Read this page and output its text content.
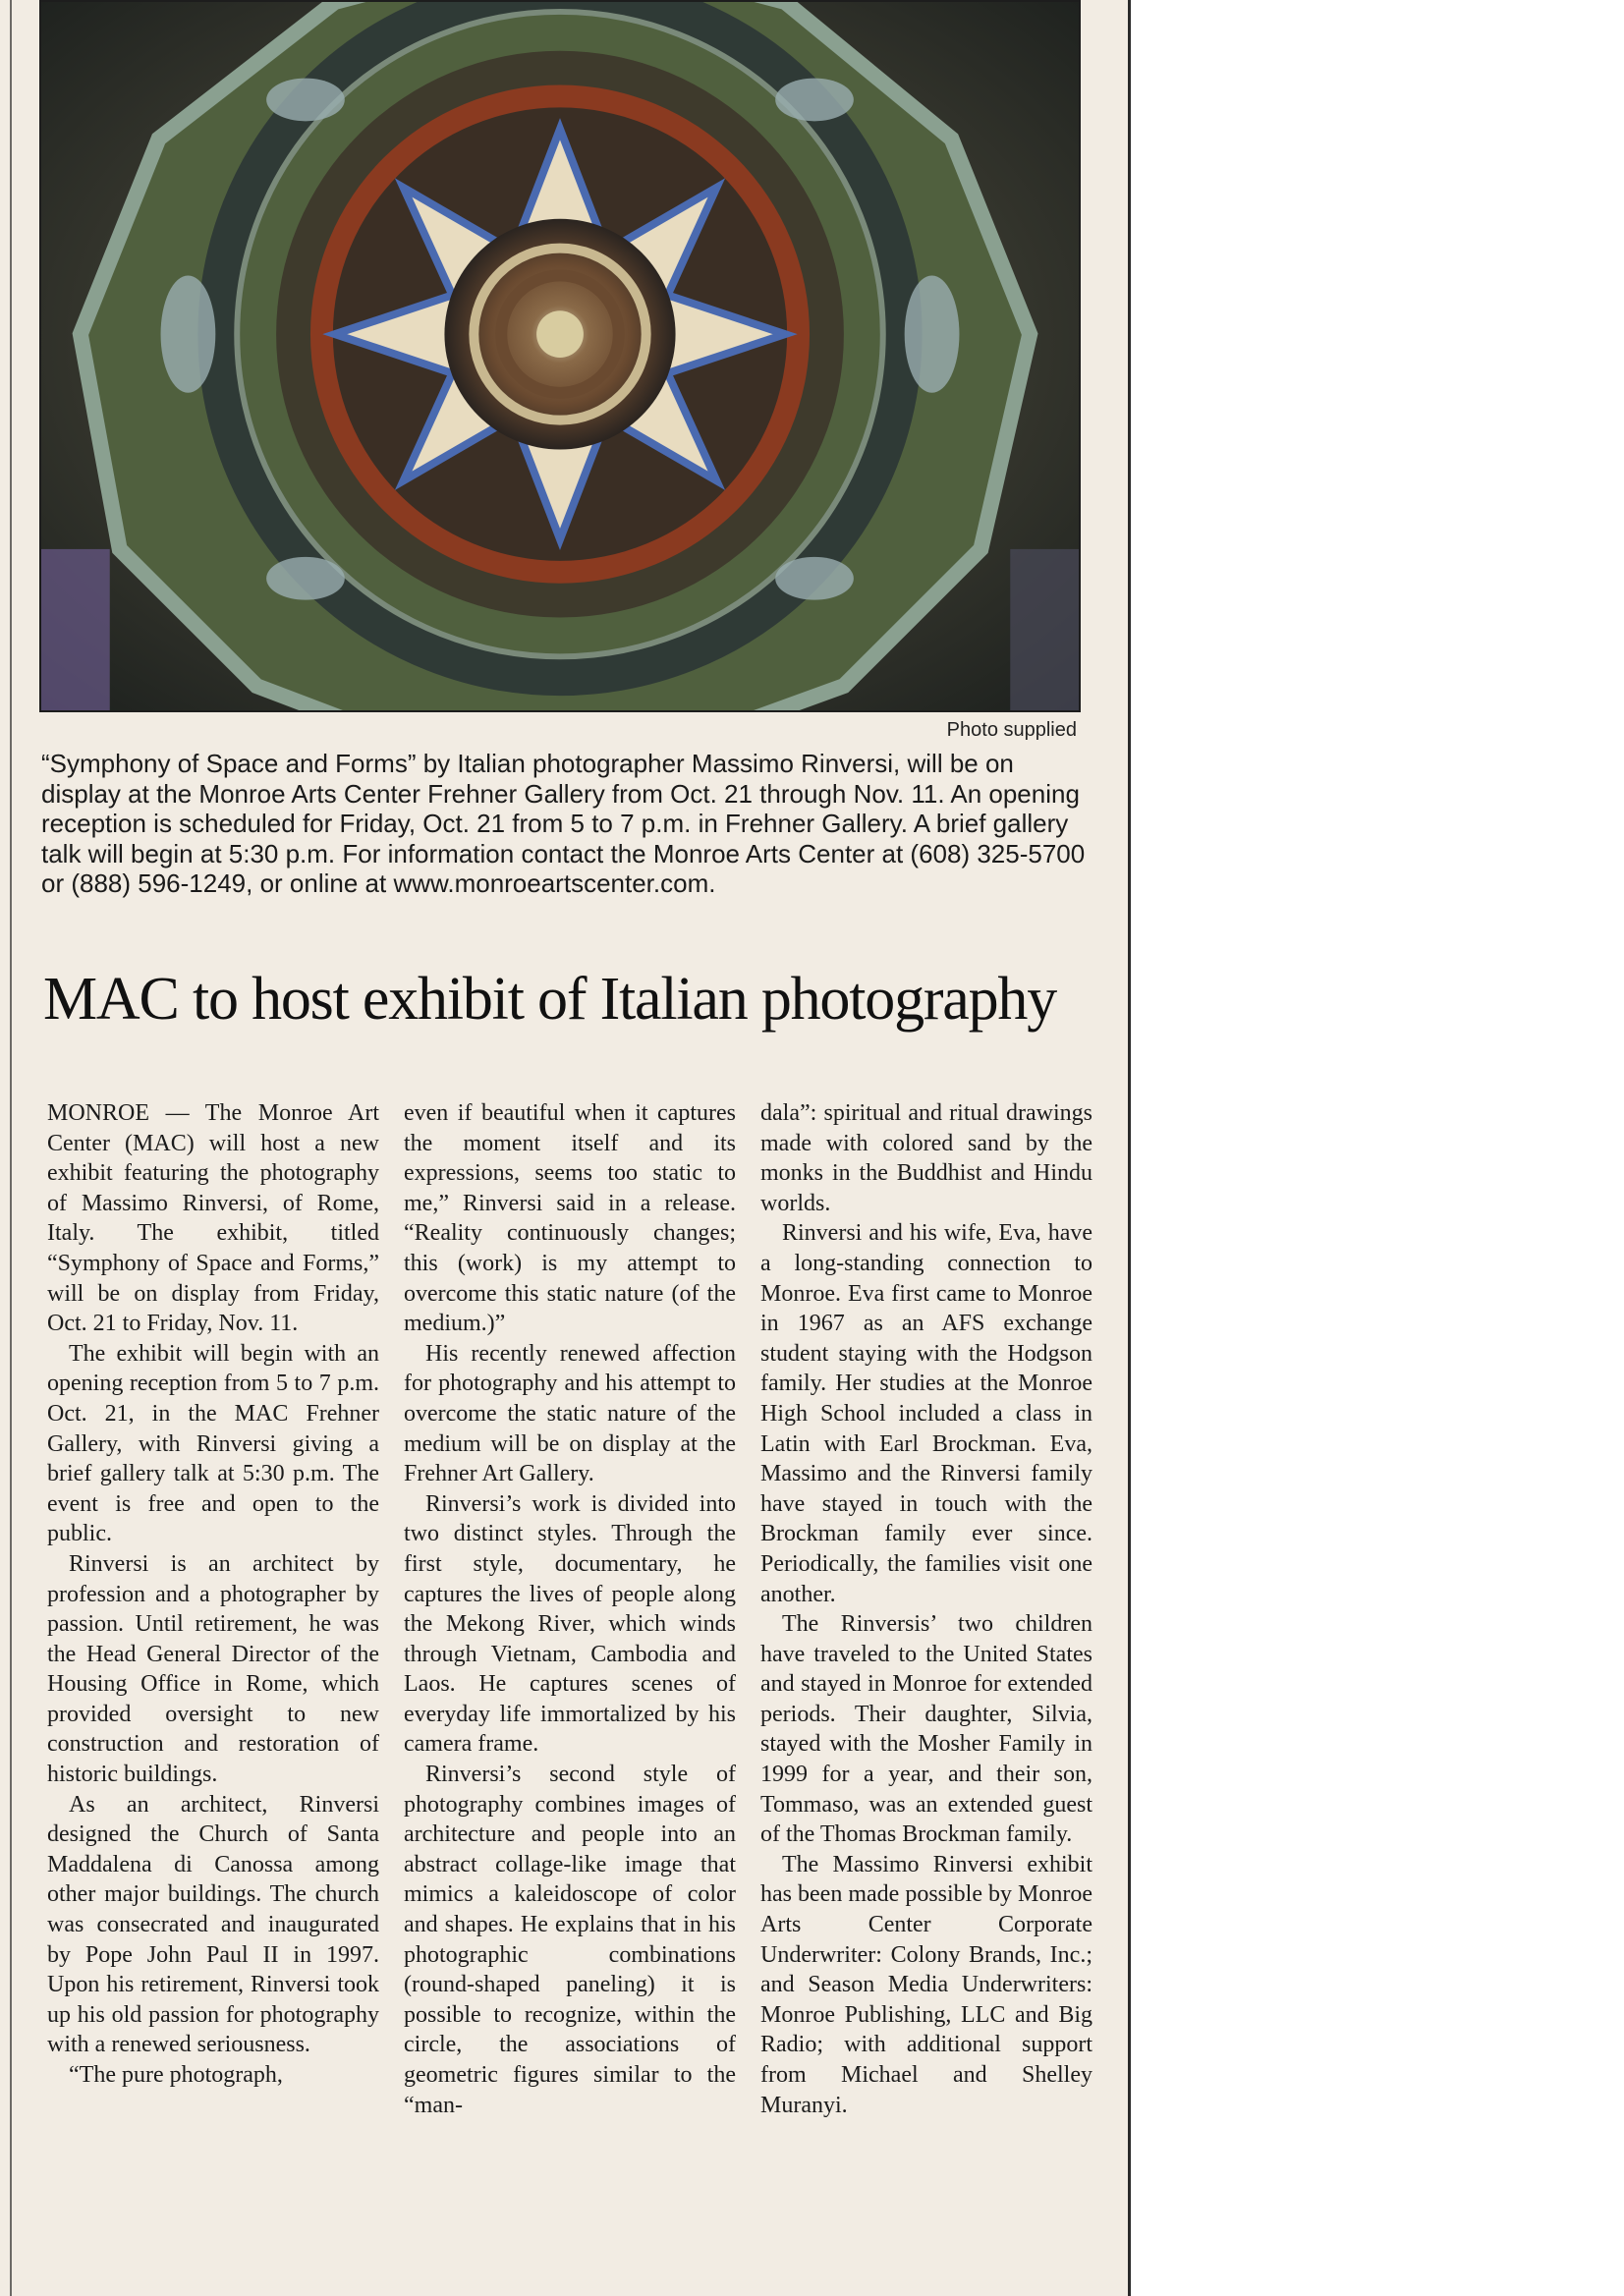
Photo supplied

“Symphony of Space and Forms” by Italian photographer Massimo Rinversi, will be on display at the Monroe Arts Center Frehner Gallery from Oct. 21 through Nov. 11. An opening reception is scheduled for Friday, Oct. 21 from 5 to 7 p.m. in Frehner Gallery. A brief gallery talk will begin at 5:30 p.m. For information contact the Monroe Arts Center at (608) 325-5700 or (888) 596-1249, or online at www.monroeartscenter.com.

MAC to host exhibit of Italian photography

MONROE — The Monroe Art Center (MAC) will host a new exhibit featuring the photography of Massimo Rinversi, of Rome, Italy. The exhibit, titled “Symphony of Space and Forms,” will be on display from Friday, Oct. 21 to Friday, Nov. 11.

The exhibit will begin with an opening reception from 5 to 7 p.m. Oct. 21, in the MAC Frehner Gallery, with Rinversi giving a brief gallery talk at 5:30 p.m. The event is free and open to the public.

Rinversi is an architect by profession and a photographer by passion. Until retirement, he was the Head General Director of the Housing Office in Rome, which provided oversight to new construction and restoration of historic buildings.

As an architect, Rinversi designed the Church of Santa Maddalena di Canossa among other major buildings. The church was consecrated and inaugurated by Pope John Paul II in 1997. Upon his retirement, Rinversi took up his old passion for photography with a renewed seriousness.

“The pure photograph,

even if beautiful when it captures the moment itself and its expressions, seems too static to me,” Rinversi said in a release. “Reality continuously changes; this (work) is my attempt to overcome this static nature (of the medium.)”

His recently renewed affection for photography and his attempt to overcome the static nature of the medium will be on display at the Frehner Art Gallery.

Rinversi’s work is divided into two distinct styles. Through the first style, documentary, he captures the lives of people along the Mekong River, which winds through Vietnam, Cambodia and Laos. He captures scenes of everyday life immortalized by his camera frame.

Rinversi’s second style of photography combines images of architecture and people into an abstract collage-like image that mimics a kaleidoscope of color and shapes. He explains that in his photographic combinations (round-shaped paneling) it is possible to recognize, within the circle, the associations of geometric figures similar to the “man-

dala”: spiritual and ritual drawings made with colored sand by the monks in the Buddhist and Hindu worlds.

Rinversi and his wife, Eva, have a long-standing connection to Monroe. Eva first came to Monroe in 1967 as an AFS exchange student staying with the Hodgson family. Her studies at the Monroe High School included a class in Latin with Earl Brockman. Eva, Massimo and the Rinversi family have stayed in touch with the Brockman family ever since. Periodically, the families visit one another.

The Rinversis’ two children have traveled to the United States and stayed in Monroe for extended periods. Their daughter, Silvia, stayed with the Mosher Family in 1999 for a year, and their son, Tommaso, was an extended guest of the Thomas Brockman family.

The Massimo Rinversi exhibit has been made possible by Monroe Arts Center Corporate Underwriter: Colony Brands, Inc.; and Season Media Underwriters: Monroe Publishing, LLC and Big Radio; with additional support from Michael and Shelley Muranyi.
